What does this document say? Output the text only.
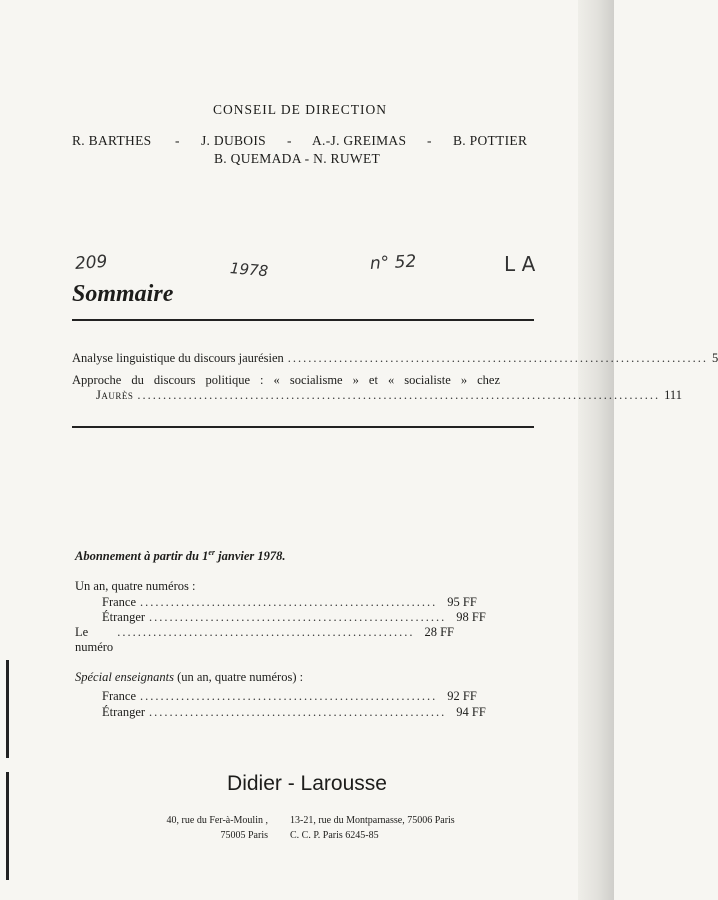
CONSEIL DE DIRECTION
R. BARTHES - J. DUBOIS - A.-J. GREIMAS - B. POTTIER
B. QUEMADA - N. RUWET
209	1978	n° 52	LA
Sommaire
Analyse linguistique du discours jaurésien .................................................................................. 5
Approche du discours politique : « socialisme » et « socialiste » chez
Jaurès ...................................................................................................... 111
Abonnement à partir du 1er janvier 1978.
Un an, quatre numéros :
France .......................................................... 95 FF
Étranger .......................................................... 98 FF
Le numéro
.......................................................... 28 FF
Spécial enseignants (un an, quatre numéros) :
France .......................................................... 92 FF
Étranger .......................................................... 94 FF
Didier - Larousse
40, rue du Fer-à-Moulin ,
75005 Paris
13-21, rue du Montparnasse, 75006 Paris
C. C. P. Paris 6245-85
